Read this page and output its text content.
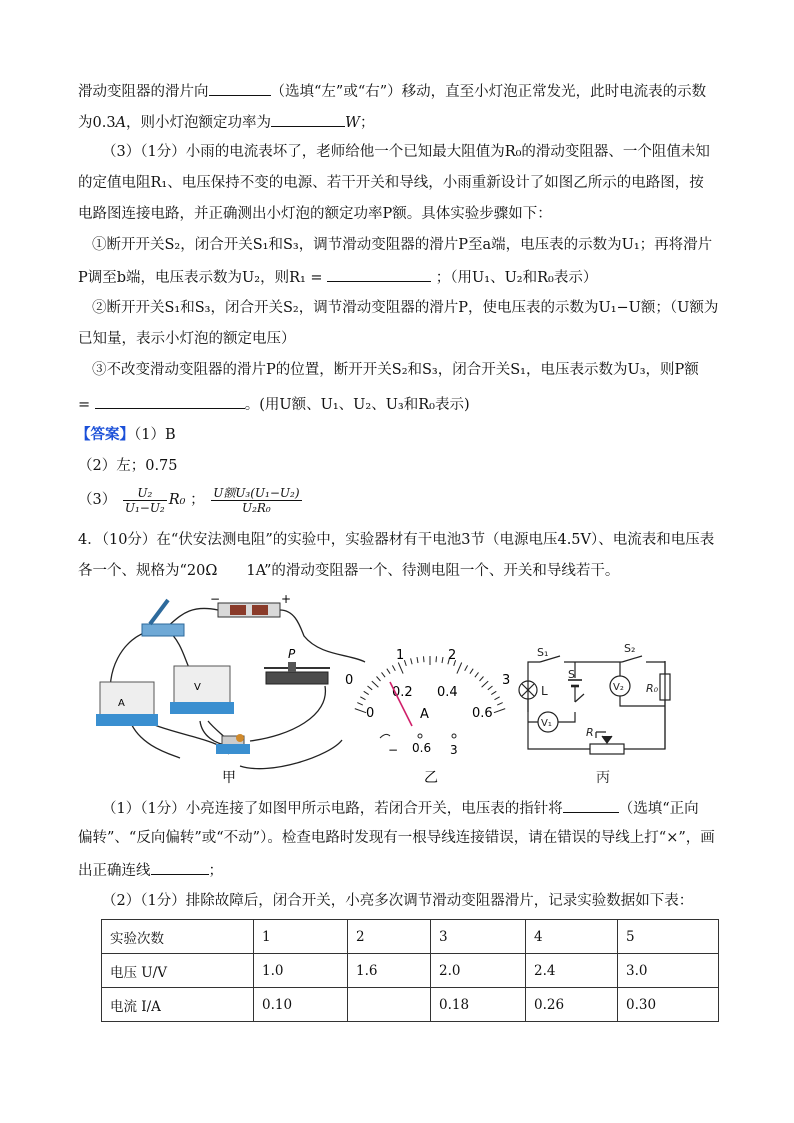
滑动变阻器的滑片向	（选填“左”或“右”）移动，直至小灯泡正常发光，此时电流表的示数
为0.3A，则小灯泡额定功率为	W；
（3）（1分）小雨的电流表坏了，老师给他一个已知最大阻值为R₀的滑动变阻器、一个阻值未知
的定值电阻R₁、电压保持不变的电源、若干开关和导线，小雨重新设计了如图乙所示的电路图，按
电路图连接电路，并正确测出小灯泡的额定功率P额。具体实验步骤如下：
①断开开关S₂，闭合开关S₁和S₃，调节滑动变阻器的滑片P至a端，电压表的示数为U₁；再将滑片
P调至b端，电压表示数为U₂，则R₁ =	；（用U₁、U₂和R₀表示）
②断开开关S₁和S₃，闭合开关S₂，调节滑动变阻器的滑片P，使电压表的示数为U₁−U额；（U额为
已知量，表示小灯泡的额定电压）
③不改变滑动变阻器的滑片P的位置，断开开关S₂和S₃，闭合开关S₁，电压表示数为U₃，则P额
=	。(用U额、U₁、U₂、U₃和R₀表示)
【答案】（1）B
（2）左；0.75
$(3) \frac{\text{U₂}}{\text{U₁−U₂}} R_0$ ； $\frac{\text{U额U₃(U₁−U₂)}}{\text{U₂R₀}}$
4．（10分）在“伏安法测电阻”的实验中，实验器材有干电池3节（电源电压4.5V）、电流表和电压表
各一个、规格为“20Ω　　1A”的滑动变阻器一个、待测电阻一个、开关和导线若干。
−	+
A
V
P
甲
0
1	2
3
0
0.2 0.4
0.6
A
− 0.6 3
乙
S₁	S₂
S
L	V₂
V₁
R₀
R
丙
（1）（1分）小亮连接了如图甲所示电路，若闭合开关，电压表的指针将	（选填“正向
偏转”、“反向偏转”或“不动”）。检查电路时发现有一根导线连接错误，请在错误的导线上打“×”，画
出正确连线	；
（2）（1分）排除故障后，闭合开关，小亮多次调节滑动变阻器滑片，记录实验数据如下表：
实验次数	1	2	3	4	5
电压 U/V	1.0	1.6	2.0	2.4	3.0
电流 I/A	0.10		0.18	0.26	0.30
